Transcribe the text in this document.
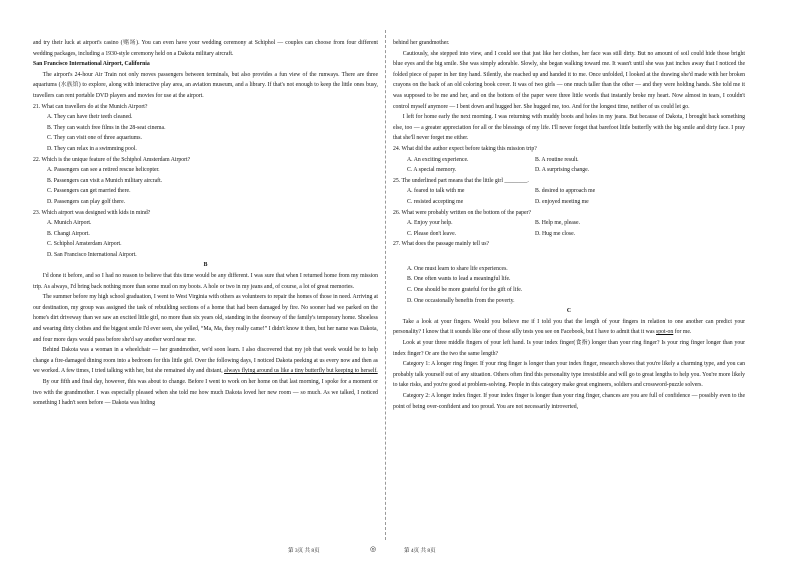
and try their luck at airport's casino (赌场). You can even have your wedding ceremony at Schiphol — couples can choose from four different wedding packages, including a 1930-style ceremony held on a Dakota military aircraft.

San Francisco International Airport, California

The airport's 24-hour Air Train not only moves passengers between terminals, but also provides a fun view of the runways. There are three aquariums (水族馆) to explore, along with interactive play area, an aviation museum, and a library. If that's not enough to keep the little ones busy, travellers can rent portable DVD players and movies for use at the airport.

21. What can travellers do at the Munich Airport?

A. They can have their teeth cleaned.

B. They can watch free films in the 28-seat cinema.

C. They can visit one of three aquariums.

D. They can relax in a swimming pool.

22. Which is the unique feature of the Schiphol Amsterdam Airport?

A. Passengers can see a retired rescue helicopter.

B. Passengers can visit a Munich military aircraft.

C. Passengers can get married there.

D. Passengers can play golf there.

23. Which airport was designed with kids in mind?

A. Munich Airport.

B. Changi Airport.

C. Schiphol Amsterdam Airport.

D. San Francisco International Airport.

B

I'd done it before, and so I had no reason to believe that this time would be any different. I was sure that when I returned home from my mission trip. As always, I'd bring back nothing more than some mud on my boots. A hole or two in my jeans and, of course, a lot of great memories.

The summer before my high school graduation, I went to West Virginia with others as volunteers to repair the homes of those in need. Arriving at our destination, my group was assigned the task of rebuilding sections of a home that had been damaged by fire. No sooner had we parked on the home's dirt driveway than we saw an excited little girl, no more than six years old, standing in the doorway of the family's temporary home. Shoeless and wearing dirty clothes and the biggest smile I'd ever seen, she yelled, “Ma, Ma, they really came!” I didn't know it then, but her name was Dakota, and four more days would pass before she'd say another word near me.

Behind Dakota was a woman in a wheelchair — her grandmother, we'd soon learn. I also discovered that my job that week would be to help change a fire-damaged dining room into a bedroom for this little girl. Over the following days, I noticed Dakota peeking at us every now and then as we worked. A few times, I tried talking with her, but she remained shy and distant, always flying around us like a tiny butterfly but keeping to herself.

By our fifth and final day, however, this was about to change. Before I went to work on her home on that last morning, I spoke for a moment or two with the grandmother. I was especially pleased when she told me how much Dakota loved her new room — so much. As we talked, I noticed something I hadn't seen before — Dakota was hiding

behind her grandmother.

Cautiously, she stepped into view, and I could see that just like her clothes, her face was still dirty. But no amount of soil could hide those bright blue eyes and the big smile. She was simply adorable. Slowly, she began walking toward me. It wasn't until she was just inches away that I noticed the folded piece of paper in her tiny hand. Silently, she reached up and handed it to me. Once unfolded, I looked at the drawing she'd made with her broken crayons on the back of an old coloring book cover. It was of two girls — one much taller than the other — and they were holding hands. She told me it was supposed to be me and her, and on the bottom of the paper were three little words that instantly broke my heart. Now almost in tears, I couldn't control myself anymore — I bent down and hugged her. She hugged me, too. And for the longest time, neither of us could let go.

I left for home early the next morning. I was returning with muddy boots and holes in my jeans. But because of Dakota, I brought back something else, too — a greater appreciation for all or the blessings of my life. I'll never forget that barefoot little butterfly with the big smile and dirty face. I pray that she'll never forget me either.

24. What did the author expect before taking this mission trip?

A. An exciting experience.	B. A routine result.
C. A special memory.	D. A surprising change.

25. The underlined part means that the little girl ________.

A. feared to talk with me	B. desired to approach me
C. resisted accepting me	D. enjoyed meeting me

26. What were probably written on the bottom of the paper?

A. Enjoy your help.	B. Help me, please.
C. Please don't leave.	D. Hug me close.

27. What does the passage mainly tell us?

A. One must learn to share life experiences.

B. One often wants to lead a meaningful life.

C. One should be more grateful for the gift of life.

D. One occasionally benefits from the poverty.

C

Take a look at your fingers. Would you believe me if I told you that the length of your fingers in relation to one another can predict your personality? I know that it sounds like one of those silly tests you see on Facebook, but I have to admit that it was spot-on for me.

Look at your three middle fingers of your left hand. Is your index finger(食指) longer than your ring finger? Is your ring finger longer than your index finger? Or are the two the same length?

Category 1: A longer ring finger. If your ring finger is longer than your index finger, research shows that you're likely a charming type, and you can probably talk yourself out of any situation. Others often find this personality type irresistible and will go to great lengths to help you. You're more likely to take risks, and you're good at problem-solving. People in this category make great engineers, soldiers and crossword-puzzle solvers.

Category 2: A longer index finger. If your index finger is longer than your ring finger, chances are you are full of confidence — possibly even to the point of being over-confident and too proud. You are not necessarily introverted,

第 3页 共 8页	◎	第 4页 共 8页
